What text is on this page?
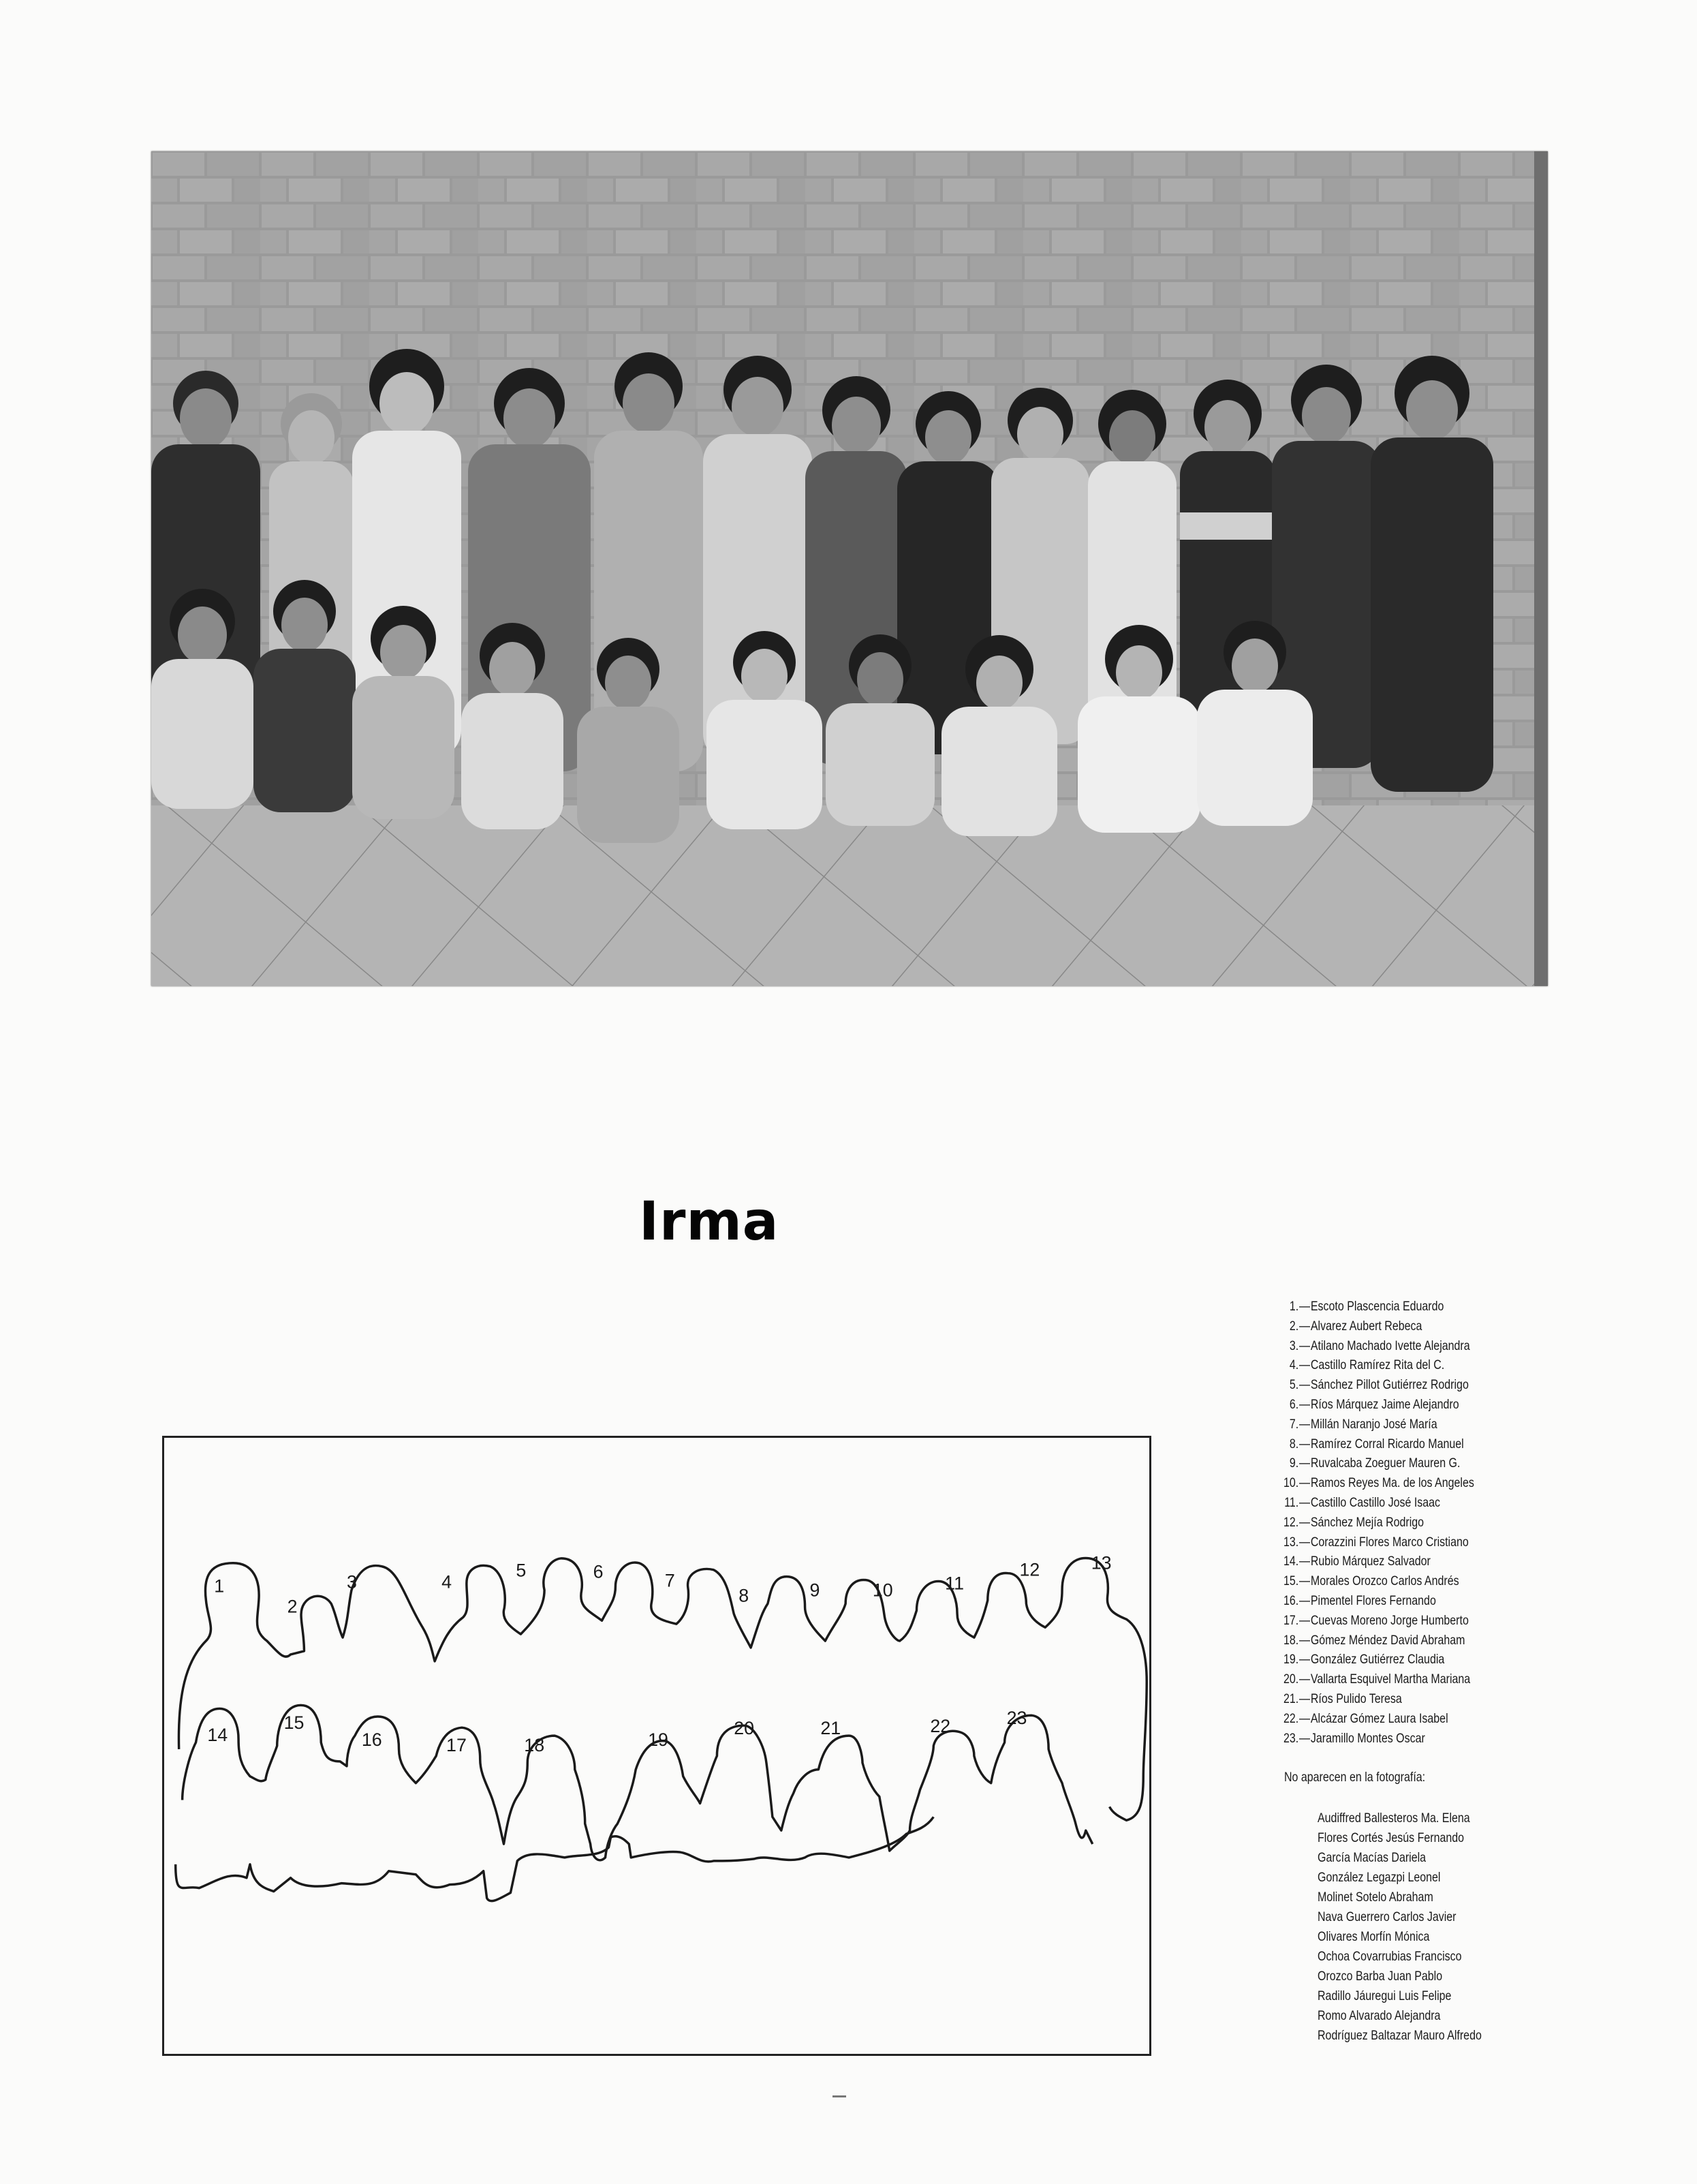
Irma
1
2
3	4
5	6	7
8	9	10	11
12	13
14
15
16	17	18	19
20	21	22	23
1.—Escoto Plascencia Eduardo
2.—Alvarez Aubert Rebeca
3.—Atilano Machado Ivette Alejandra
4.—Castillo Ramírez Rita del C.
5.—Sánchez Pillot Gutiérrez Rodrigo
6.—Ríos Márquez Jaime Alejandro
7.—Millán Naranjo José María
8.—Ramírez Corral Ricardo Manuel
9.—Ruvalcaba Zoeguer Mauren G.
10.—Ramos Reyes Ma. de los Angeles
11.—Castillo Castillo José Isaac
12.—Sánchez Mejía Rodrigo
13.—Corazzini Flores Marco Cristiano
14.—Rubio Márquez Salvador
15.—Morales Orozco Carlos Andrés
16.—Pimentel Flores Fernando
17.—Cuevas Moreno Jorge Humberto
18.—Gómez Méndez David Abraham
19.—González Gutiérrez Claudia
20.—Vallarta Esquivel Martha Mariana
21.—Ríos Pulido Teresa
22.—Alcázar Gómez Laura Isabel
23.—Jaramillo Montes Oscar
No aparecen en la fotografía:
Audiffred Ballesteros Ma. Elena
Flores Cortés Jesús Fernando
García Macías Dariela
González Legazpi Leonel
Molinet Sotelo Abraham
Nava Guerrero Carlos Javier
Olivares Morfín Mónica
Ochoa Covarrubias Francisco
Orozco Barba Juan Pablo
Radillo Jáuregui Luis Felipe
Romo Alvarado Alejandra
Rodríguez Baltazar Mauro Alfredo
